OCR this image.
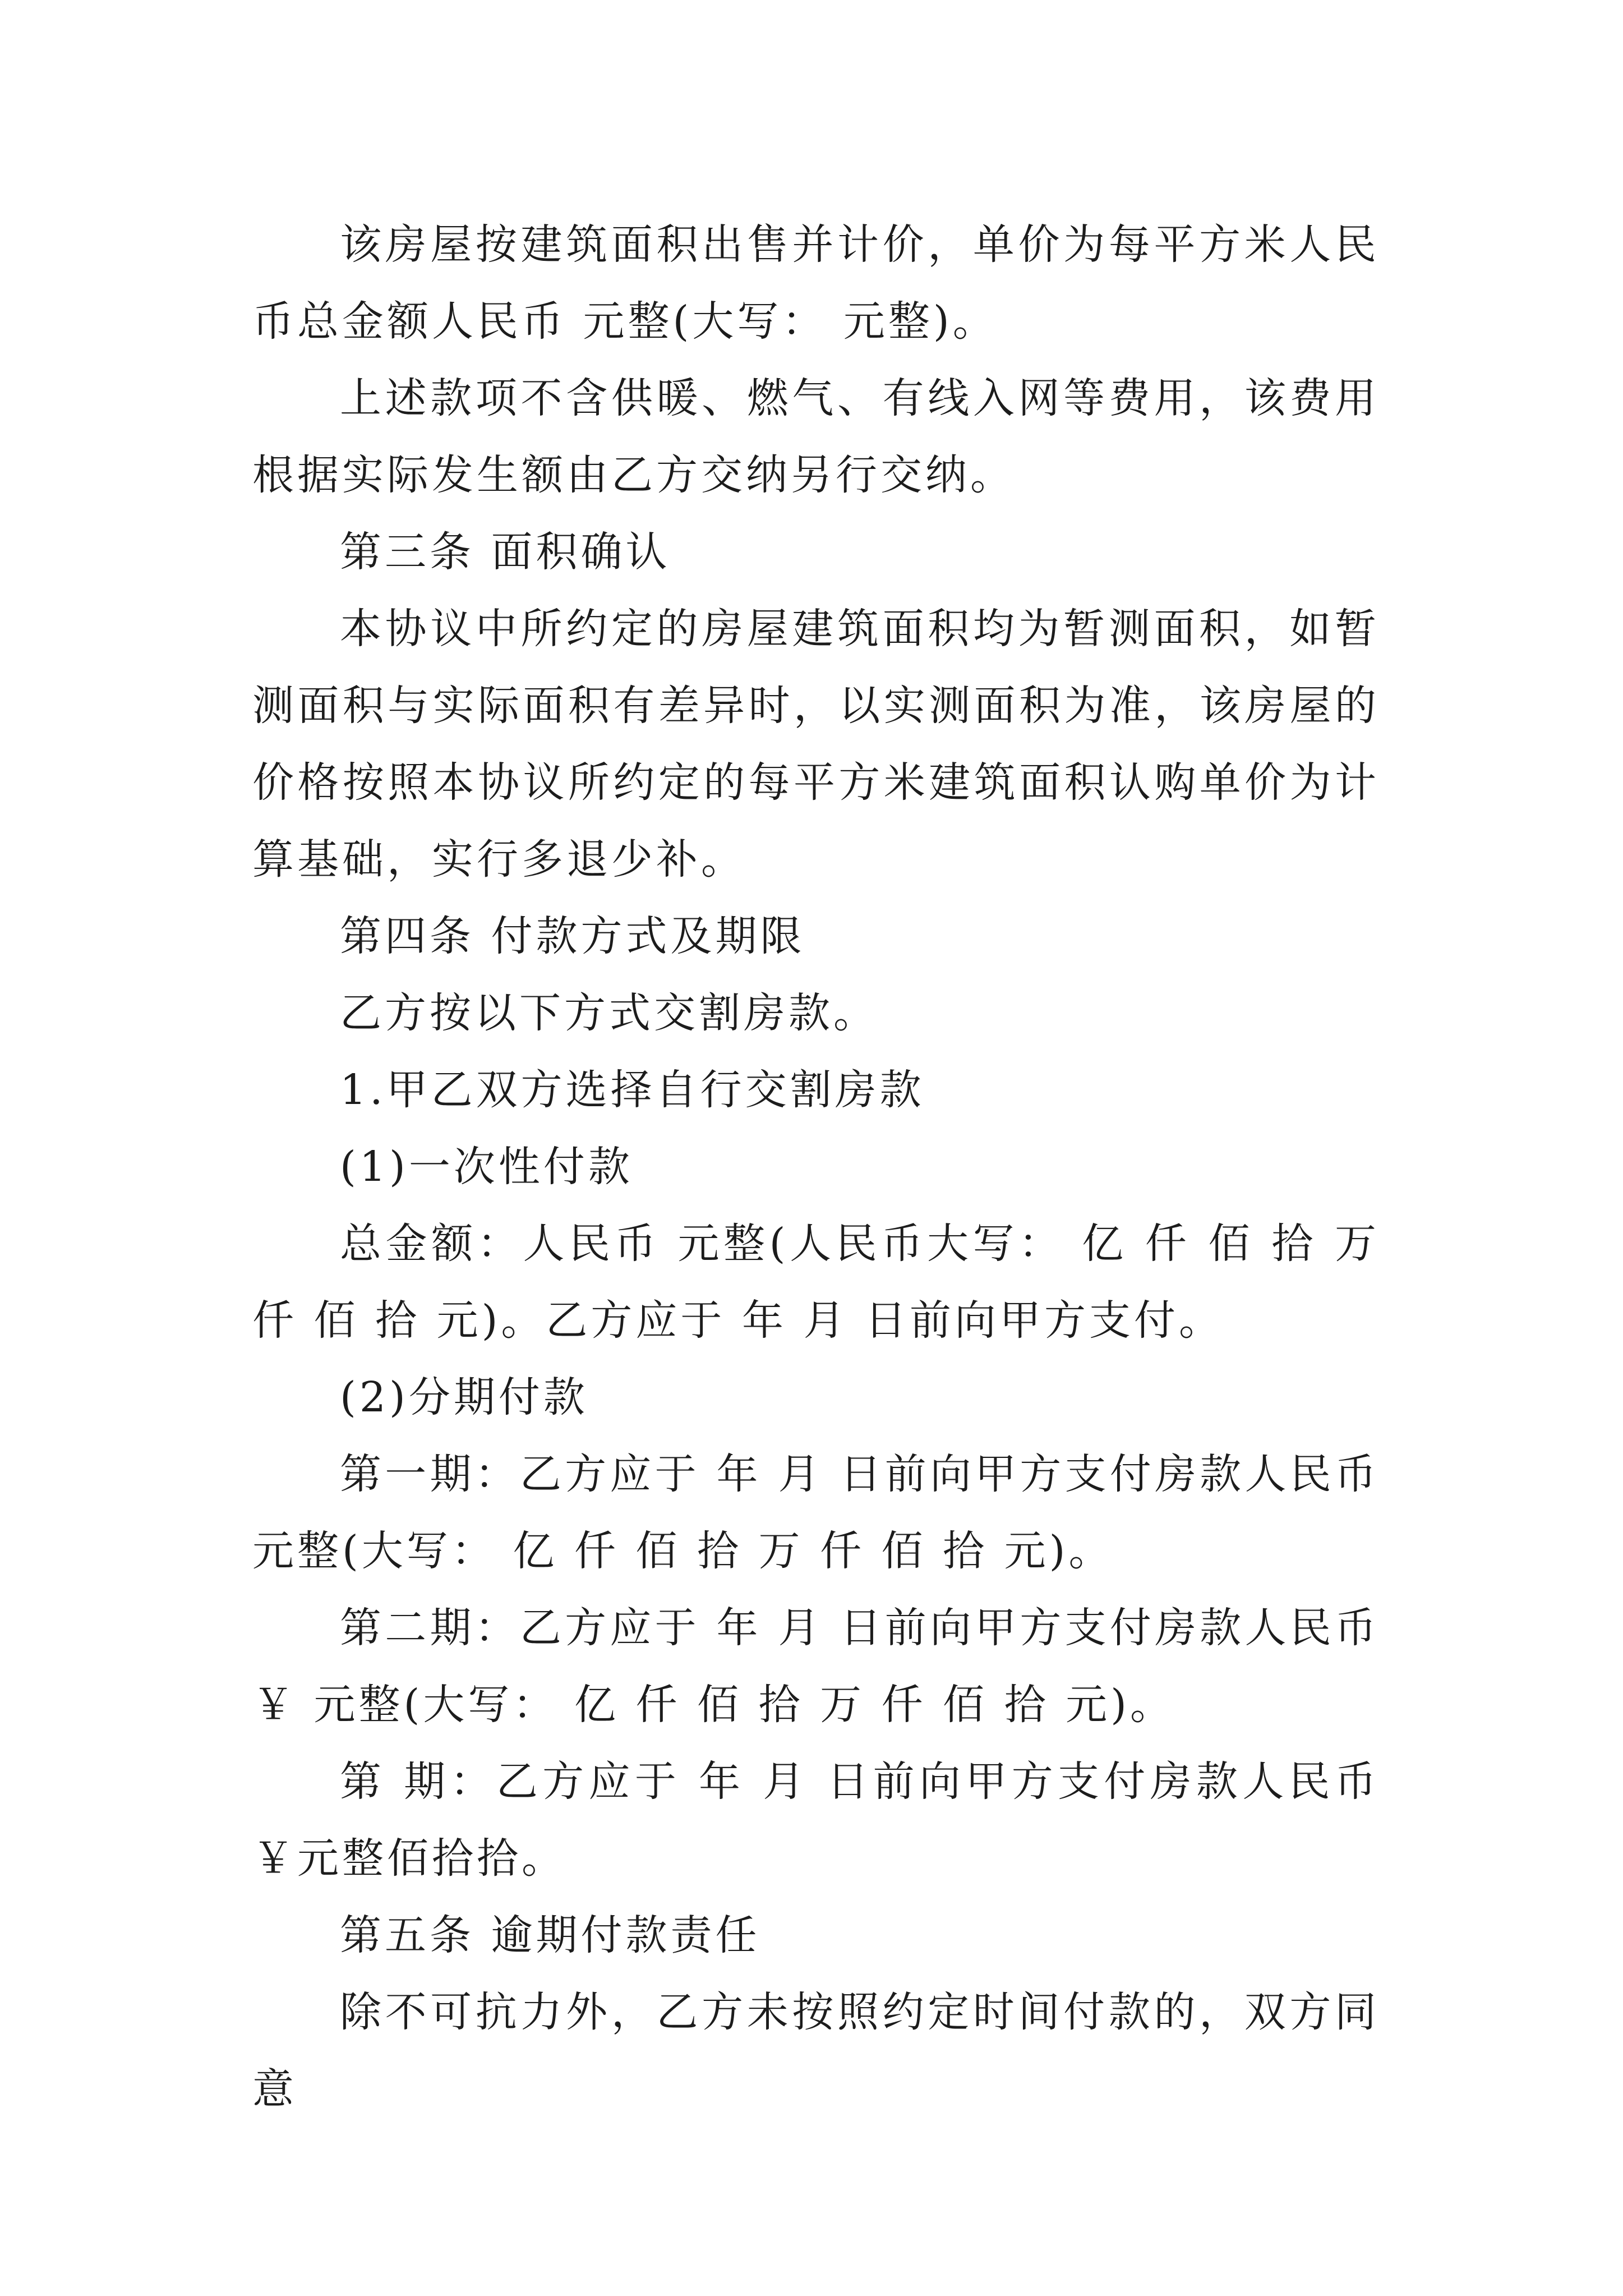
该房屋按建筑面积出售并计价，单价为每平方米人民币总金额人民币 元整(大写： 元整)。

上述款项不含供暖、燃气、有线入网等费用，该费用根据实际发生额由乙方交纳另行交纳。

第三条 面积确认

本协议中所约定的房屋建筑面积均为暂测面积，如暂测面积与实际面积有差异时，以实测面积为准，该房屋的价格按照本协议所约定的每平方米建筑面积认购单价为计算基础，实行多退少补。

第四条 付款方式及期限

乙方按以下方式交割房款。

1.甲乙双方选择自行交割房款

(1)一次性付款

总金额：人民币 元整(人民币大写： 亿 仟 佰 拾 万 仟 佰 拾 元)。乙方应于 年 月 日前向甲方支付。

(2)分期付款

第一期：乙方应于 年 月 日前向甲方支付房款人民币元整(大写： 亿 仟 佰 拾 万 仟 佰 拾 元)。

第二期：乙方应于 年 月 日前向甲方支付房款人民币￥ 元整(大写： 亿 仟 佰 拾 万 仟 佰 拾 元)。

第 期：乙方应于 年 月 日前向甲方支付房款人民币￥元整佰拾拾。

第五条 逾期付款责任

除不可抗力外，乙方未按照约定时间付款的，双方同意
